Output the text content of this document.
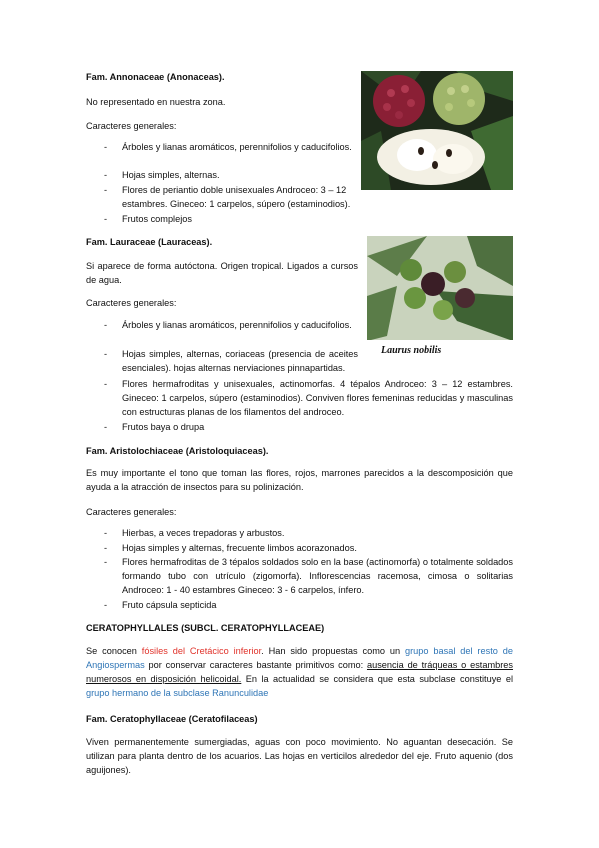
Fam. Annonaceae (Anonaceas).

No representado en nuestra zona.

Caracteres generales:

- Árboles y lianas aromáticos, perennifolios y caducifolios.

- Hojas simples, alternas.

- Flores de periantio doble unisexuales Androceo: 3 – 12 estambres. Gineceo: 1 carpelos, súpero (estaminodios).

- Frutos complejos

Fam. Lauraceae (Lauraceas).

Si aparece de forma autóctona. Origen tropical. Ligados a cursos de agua.

Caracteres generales:

- Árboles y lianas aromáticos, perennifolios y caducifolios.

- Hojas simples, alternas, coriaceas (presencia de aceites esenciales). hojas alternas nerviaciones pinnapartidas.

- Flores hermafroditas y unisexuales, actinomorfas. 4 tépalos Androceo: 3 – 12 estambres. Gineceo: 1 carpelos, súpero (estaminodios). Conviven flores femeninas reducidas y masculinas con estructuras planas de los filamentos del androceo.

- Frutos baya o drupa

Laurus nobilis

Fam. Aristolochiaceae (Aristoloquiaceas).

Es muy importante el tono que toman las flores, rojos, marrones parecidos a la descomposición que ayuda a la atracción de insectos para su polinización.

Caracteres generales:

- Hierbas, a veces trepadoras y arbustos.

- Hojas simples y alternas, frecuente limbos acorazonados.

- Flores hermafroditas de 3 tépalos soldados solo en la base (actinomorfa) o totalmente soldados formando tubo con utrículo (zigomorfa). Inflorescencias racemosa, cimosa o solitarias Androceo: 1 - 40 estambres Gineceo: 3 - 6 carpelos, ínfero.

- Fruto cápsula septicida

CERATOPHYLLALES (SUBCL. CERATOPHYLLACEAE)

Se conocen fósiles del Cretácico inferior. Han sido propuestas como un grupo basal del resto de Angiospermas por conservar caracteres bastante primitivos como: ausencia de tráqueas o estambres numerosos en disposición helicoidal. En la actualidad se considera que esta subclase constituye el grupo hermano de la subclase Ranunculidae

Fam. Ceratophyllaceae (Ceratofilaceas)

Viven permanentemente sumergiadas, aguas con poco movimiento. No aguantan desecación. Se utilizan para planta dentro de los acuarios. Las hojas en verticilos alrededor del eje. Fruto aquenio (dos aguijones).
